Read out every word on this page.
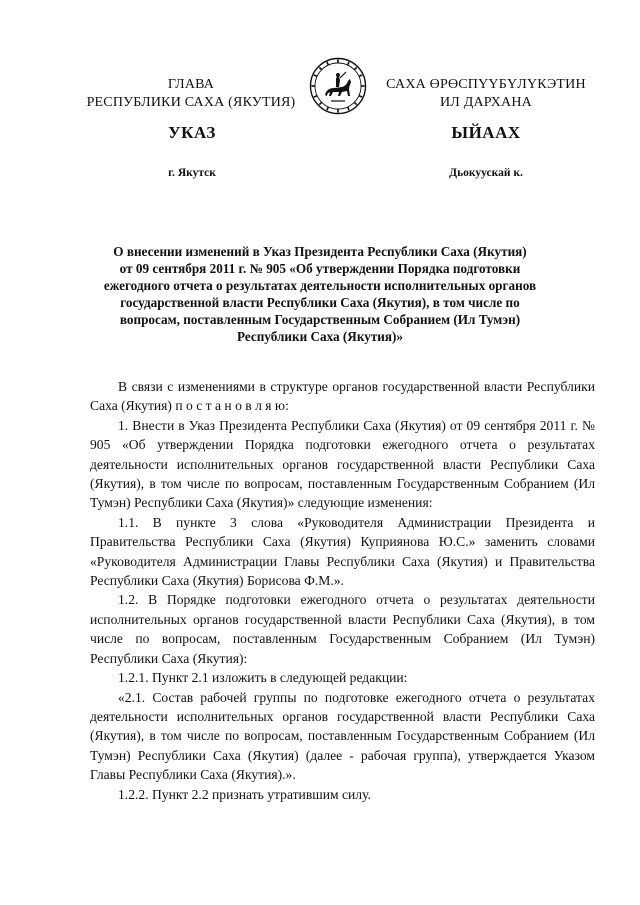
ГЛАВА
РЕСПУБЛИКИ САХА (ЯКУТИЯ)
САХА ӨРӨСПҮҮБҮЛҮКЭТИН
ИЛ ДАРХАНА
УКАЗ	ЫЙААХ
г. Якутск	Дьокуускай к.
О внесении изменений в Указ Президента Республики Саха (Якутия)
от 09 сентября 2011 г. № 905 «Об утверждении Порядка подготовки
ежегодного отчета о результатах деятельности исполнительных органов
государственной власти Республики Саха (Якутия), в том числе по
вопросам, поставленным Государственным Собранием (Ил Тумэн)
Республики Саха (Якутия)»

В связи с изменениями в структуре органов государственной власти Республики Саха (Якутия) п о с т а н о в л я ю:

1. Внести в Указ Президента Республики Саха (Якутия) от 09 сентября 2011 г. № 905 «Об утверждении Порядка подготовки ежегодного отчета о результатах деятельности исполнительных органов государственной власти Республики Саха (Якутия), в том числе по вопросам, поставленным Государственным Собранием (Ил Тумэн) Республики Саха (Якутия)» следующие изменения:

1.1. В пункте 3 слова «Руководителя Администрации Президента и Правительства Республики Саха (Якутия) Куприянова Ю.С.» заменить словами «Руководителя Администрации Главы Республики Саха (Якутия) и Правительства Республики Саха (Якутия) Борисова Ф.М.».

1.2. В Порядке подготовки ежегодного отчета о результатах деятельности исполнительных органов государственной власти Республики Саха (Якутия), в том числе по вопросам, поставленным Государственным Собранием (Ил Тумэн) Республики Саха (Якутия):

1.2.1. Пункт 2.1 изложить в следующей редакции:

«2.1. Состав рабочей группы по подготовке ежегодного отчета о результатах деятельности исполнительных органов государственной власти Республики Саха (Якутия), в том числе по вопросам, поставленным Государственным Собранием (Ил Тумэн) Республики Саха (Якутия) (далее - рабочая группа), утверждается Указом Главы Республики Саха (Якутия).».

1.2.2. Пункт 2.2 признать утратившим силу.
